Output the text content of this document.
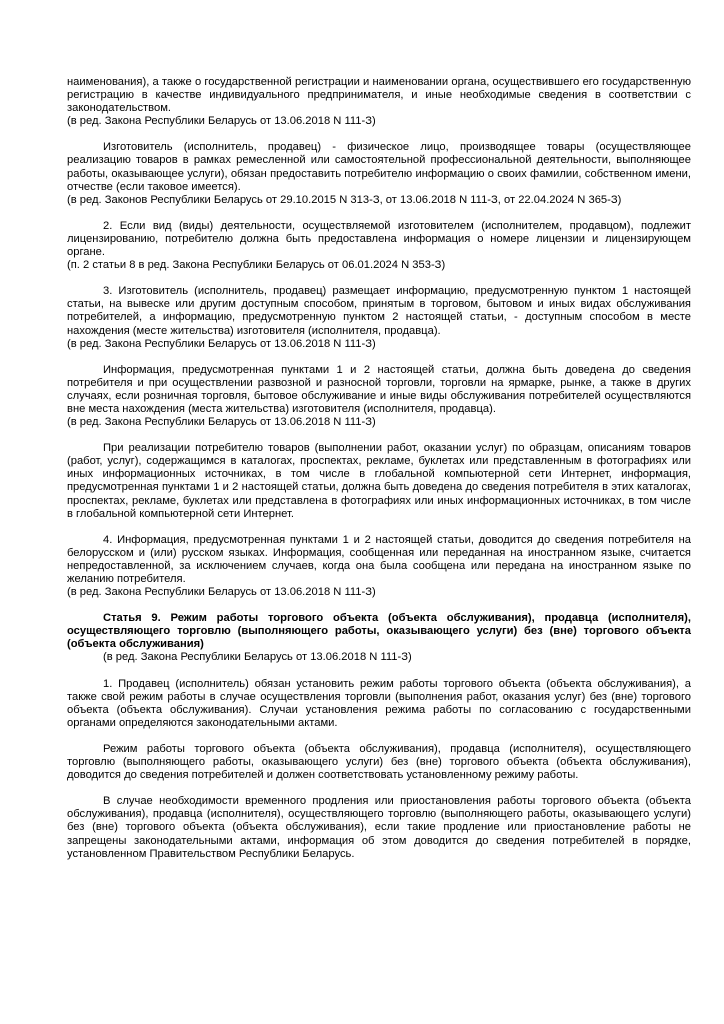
наименования), а также о государственной регистрации и наименовании органа, осуществившего его государственную регистрацию в качестве индивидуального предпринимателя, и иные необходимые сведения в соответствии с законодательством.

(в ред. Закона Республики Беларусь от 13.06.2018 N 111-З)

Изготовитель (исполнитель, продавец) - физическое лицо, производящее товары (осуществляющее реализацию товаров в рамках ремесленной или самостоятельной профессиональной деятельности, выполняющее работы, оказывающее услуги), обязан предоставить потребителю информацию о своих фамилии, собственном имени, отчестве (если таковое имеется).

(в ред. Законов Республики Беларусь от 29.10.2015 N 313-З, от 13.06.2018 N 111-З, от 22.04.2024 N 365-З)

2. Если вид (виды) деятельности, осуществляемой изготовителем (исполнителем, продавцом), подлежит лицензированию, потребителю должна быть предоставлена информация о номере лицензии и лицензирующем органе.

(п. 2 статьи 8 в ред. Закона Республики Беларусь от 06.01.2024 N 353-З)

3. Изготовитель (исполнитель, продавец) размещает информацию, предусмотренную пунктом 1 настоящей статьи, на вывеске или другим доступным способом, принятым в торговом, бытовом и иных видах обслуживания потребителей, а информацию, предусмотренную пунктом 2 настоящей статьи, - доступным способом в месте нахождения (месте жительства) изготовителя (исполнителя, продавца).

(в ред. Закона Республики Беларусь от 13.06.2018 N 111-З)

Информация, предусмотренная пунктами 1 и 2 настоящей статьи, должна быть доведена до сведения потребителя и при осуществлении развозной и разносной торговли, торговли на ярмарке, рынке, а также в других случаях, если розничная торговля, бытовое обслуживание и иные виды обслуживания потребителей осуществляются вне места нахождения (места жительства) изготовителя (исполнителя, продавца).

(в ред. Закона Республики Беларусь от 13.06.2018 N 111-З)

При реализации потребителю товаров (выполнении работ, оказании услуг) по образцам, описаниям товаров (работ, услуг), содержащимся в каталогах, проспектах, рекламе, буклетах или представленным в фотографиях или иных информационных источниках, в том числе в глобальной компьютерной сети Интернет, информация, предусмотренная пунктами 1 и 2 настоящей статьи, должна быть доведена до сведения потребителя в этих каталогах, проспектах, рекламе, буклетах или представлена в фотографиях или иных информационных источниках, в том числе в глобальной компьютерной сети Интернет.

4. Информация, предусмотренная пунктами 1 и 2 настоящей статьи, доводится до сведения потребителя на белорусском и (или) русском языках. Информация, сообщенная или переданная на иностранном языке, считается непредоставленной, за исключением случаев, когда она была сообщена или передана на иностранном языке по желанию потребителя.

(в ред. Закона Республики Беларусь от 13.06.2018 N 111-З)

Статья 9. Режим работы торгового объекта (объекта обслуживания), продавца (исполнителя), осуществляющего торговлю (выполняющего работы, оказывающего услуги) без (вне) торгового объекта (объекта обслуживания)

(в ред. Закона Республики Беларусь от 13.06.2018 N 111-З)

1. Продавец (исполнитель) обязан установить режим работы торгового объекта (объекта обслуживания), а также свой режим работы в случае осуществления торговли (выполнения работ, оказания услуг) без (вне) торгового объекта (объекта обслуживания). Случаи установления режима работы по согласованию с государственными органами определяются законодательными актами.

Режим работы торгового объекта (объекта обслуживания), продавца (исполнителя), осуществляющего торговлю (выполняющего работы, оказывающего услуги) без (вне) торгового объекта (объекта обслуживания), доводится до сведения потребителей и должен соответствовать установленному режиму работы.

В случае необходимости временного продления или приостановления работы торгового объекта (объекта обслуживания), продавца (исполнителя), осуществляющего торговлю (выполняющего работы, оказывающего услуги) без (вне) торгового объекта (объекта обслуживания), если такие продление или приостановление работы не запрещены законодательными актами, информация об этом доводится до сведения потребителей в порядке, установленном Правительством Республики Беларусь.
